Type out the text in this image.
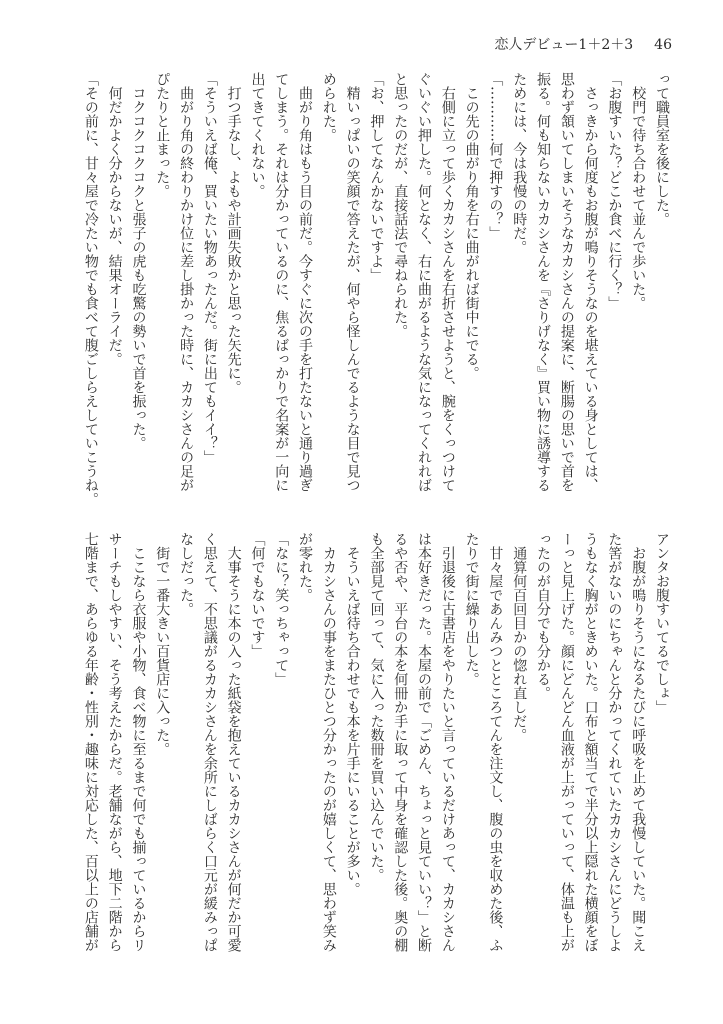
恋人デビュー1＋2＋3 46
って職員室を後にした。
　校門で待ち合わせて並んで歩いた。
「お腹すいた？どこか食べに行く？」
　さっきから何度もお腹が鳴りそうなのを堪えている身としては、
思わず頷いてしまいそうなカカシさんの提案に、断腸の思いで首を
振る。何も知らないカカシさんを『さりげなく』買い物に誘導する
ためには、今は我慢の時だ。
「…………何で押すの？」
　この先の曲がり角を右に曲がれば街中にでる。
　右側に立って歩くカカシさんを右折させようと、腕をくっつけて
ぐいぐい押した。何となく、右に曲がるような気になってくれれば
と思ったのだが、直接話法で尋ねられた。
「お、押してなんかないですよ」
　精いっぱいの笑顔で答えたが、何やら怪しんでるような目で見つ
められた。
　曲がり角はもう目の前だ。今すぐに次の手を打たないと通り過ぎ
てしまう。それは分かっているのに、焦るばっかりで名案が一向に
出てきてくれない。
　打つ手なし、よもや計画失敗かと思った矢先に。
「そういえば俺、買いたい物あったんだ。街に出てもイイ？」
　曲がり角の終わりかけ位に差し掛かった時に、カカシさんの足が
ぴたりと止まった。
　コクコクコクコクと張子の虎も吃驚の勢いで首を振った。
　何だかよく分からないが、結果オーライだ。
「その前に、甘々屋で冷たい物でも食べて腹ごしらえしていこうね。
アンタお腹すいてるでしょ」
　お腹が鳴りそうになるたびに呼吸を止めて我慢していた。聞こえ
た筈がないのにちゃんと分かってくれていたカカシさんにどうしよ
うもなく胸がときめいた。口布と額当てで半分以上隠れた横顔をぼ
ーっと見上げた。顔にどんどん血液が上がっていって、体温も上が
ったのが自分でも分かる。
　通算何百回目かの惚れ直しだ。
　甘々屋であんみつとところてんを注文し、腹の虫を収めた後、ふ
たりで街に繰り出した。
　引退後に古書店をやりたいと言っているだけあって、カカシさん
は本好きだった。本屋の前で「ごめん、ちょっと見ていい？」と断
るや否や、平台の本を何冊か手に取って中身を確認した後。奥の棚
も全部見て回って、気に入った数冊を買い込んでいた。
　そういえば待ち合わせでも本を片手にいることが多い。
　カカシさんの事をまたひとつ分かったのが嬉しくて、思わず笑み
が零れた。
「なに？笑っちゃって」
「何でもないです」
　大事そうに本の入った紙袋を抱えているカカシさんが何だか可愛
く思えて、不思議がるカカシさんを余所にしばらく口元が緩みっぱ
なしだった。
　街で一番大きい百貨店に入った。
　ここなら衣服や小物、食べ物に至るまで何でも揃っているからリ
サーチもしやすい、そう考えたからだ。老舗ながら、地下二階から
七階まで、あらゆる年齢・性別・趣味に対応した、百以上の店舗が
